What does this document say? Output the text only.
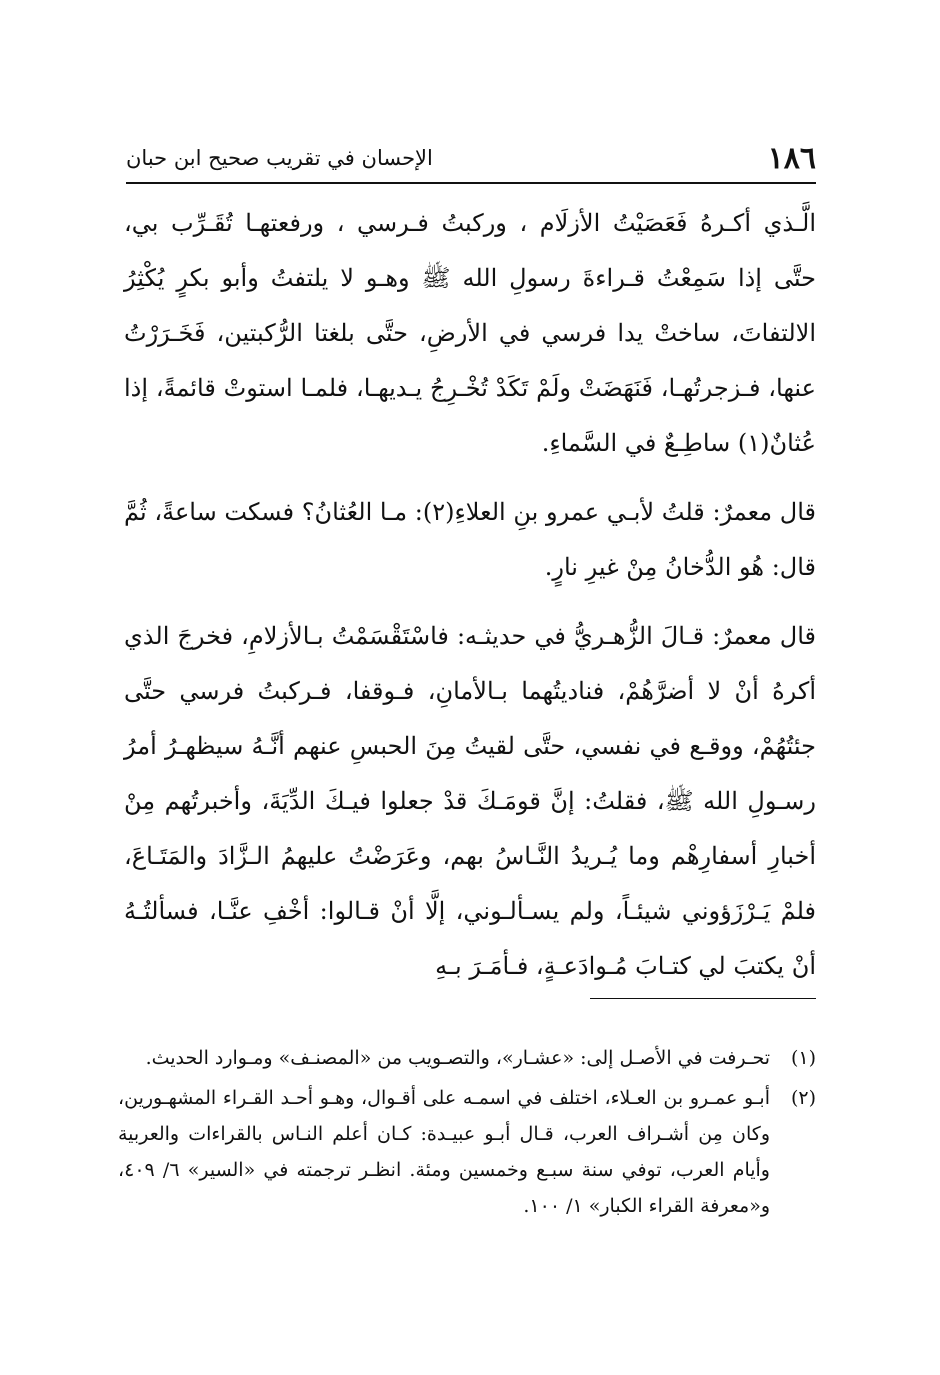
١٨٦
الإحسان في تقريب صحيح ابن حبان

الَّـذي أكـرهُ فَعَصَيْتُ الأزلَام ، وركبتُ فـرسي ، ورفعتهـا تُقَـرِّب بي، حتَّى إذا سَمِعْتُ قـراءةَ رسولِ الله ﷺ وهـو لا يلتفتُ وأبو بكرٍ يُكْثِرُ الالتفاتَ، ساختْ يدا فرسي في الأرضِ، حتَّى بلغتا الرُّكبتين، فَخَـرَرْتُ عنها، فـزجرتُهـا، فَنَهَضَتْ ولَمْ تَكَدْ تُخْـرِجُ يـديهـا، فلمـا استوتْ قائمةً، إذا عُثانٌ(١) ساطِـعٌ في السَّماءِ.

قال معمرٌ: قلتُ لأبـي عمرو بنِ العلاءِ(٢): مـا العُثانُ؟ فسكت ساعةً، ثُمَّ قال: هُو الدُّخانُ مِنْ غيرِ نارٍ.

قال معمرٌ: قـالَ الزُّهـريُّ في حديثـه: فاسْتَقْسَمْتُ بـالأزلامِ، فخرجَ الذي أكرهُ أنْ لا أضرَّهُمْ، فناديتُهما بـالأمانِ، فـوقفا، فـركبتُ فرسي حتَّى جئتُهُمْ، ووقـع في نفسي، حتَّى لقيتُ مِنَ الحبسِ عنهم أنَّـهُ سيظهـرُ أمرُ رسـولِ الله ﷺ، فقلتُ: إنَّ قومَـكَ قدْ جعلوا فيـكَ الدِّيَةَ، وأخبرتُهم مِنْ أخبارِ أسفارِهْم وما يُـريدُ النَّـاسُ بهم، وعَرَضْتُ عليهمُ الـزَّادَ والمَتَـاعَ، فلمْ يَـرْزَؤوني شيئـاً، ولم يسـألـوني، إلَّا أنْ قـالوا: أخْفِ عنَّـا، فسألتُـهُ أنْ يكتبَ لي كتـابَ مُـوادَعـةٍ، فـأمَـرَ بـهِ

(١)
تحـرفت في الأصـل إلى: «عشـار»، والتصـويب من «المصنـف» ومـوارد الحديث.
(٢)
أبـو عمـرو بن العـلاء، اختلف في اسمـه على أقـوال، وهـو أحـد القـراء المشهـورين، وكان مِن أشـراف العرب، قـال أبـو عبيـدة: كـان أعلم النـاس بالقراءات والعربية وأيام العرب، توفي سنة سبـع وخمسين ومئة. انظـر ترجمته في «السير» ٦/ ٤٠٩، و«معرفة القراء الكبار» ١/ ١٠٠.
